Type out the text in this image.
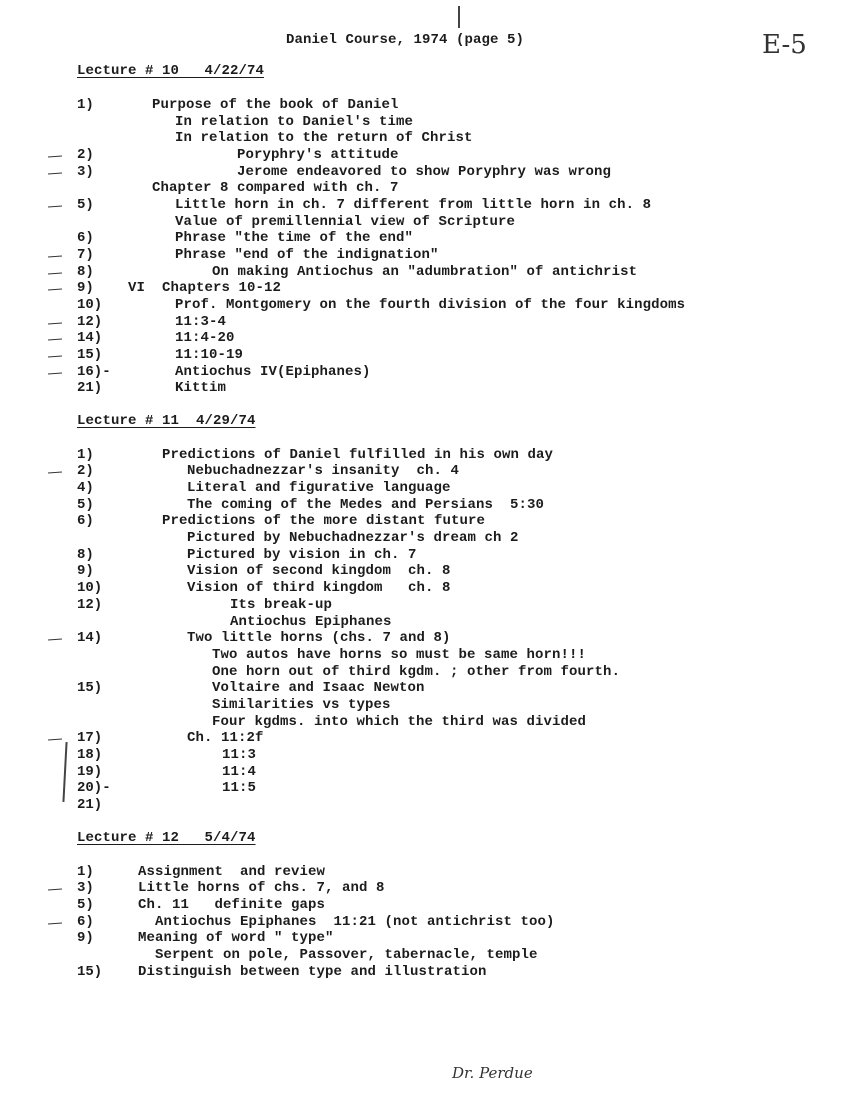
Daniel Course, 1974 (page 5)	E-5
Dr. Perdue
Lecture # 10   4/22/74
1)	Purpose of the book of Daniel
In relation to Daniel's time
In relation to the return of Christ
2)	Poryphry's attitude
3)	Jerome endeavored to show Poryphry was wrong
Chapter 8 compared with ch. 7
5)	Little horn in ch. 7 different from little horn in ch. 8
Value of premillennial view of Scripture
6)	Phrase "the time of the end"
7)	Phrase "end of the indignation"
8)	On making Antiochus an "adumbration" of antichrist
9) VI  Chapters 10-12
10)	Prof. Montgomery on the fourth division of the four kingdoms
12)	11:3-4
14)	11:4-20
15)	11:10-19
16)-	Antiochus IV(Epiphanes)
21)	Kittim
Lecture # 11  4/29/74
1)	Predictions of Daniel fulfilled in his own day
2)	Nebuchadnezzar's insanity  ch. 4
4)	Literal and figurative language
5)	The coming of the Medes and Persians  5:30
6)	Predictions of the more distant future
Pictured by Nebuchadnezzar's dream ch 2
8)	Pictured by vision in ch. 7
9)	Vision of second kingdom  ch. 8
10)	Vision of third kingdom   ch. 8
12)	Its break-up
Antiochus Epiphanes
14)	Two little horns (chs. 7 and 8)
Two autos have horns so must be same horn!!!
One horn out of third kgdm. ; other from fourth.
15)	Voltaire and Isaac Newton
Similarities vs types
Four kgdms. into which the third was divided
17)	Ch. 11:2f
18)	11:3
19)	11:4
20)-	11:5
21)
Lecture # 12   5/4/74
1)	Assignment  and review
3)	Little horns of chs. 7, and 8
5)	Ch. 11   definite gaps
6)	Antiochus Epiphanes  11:21 (not antichrist too)
9)	Meaning of word " type"
Serpent on pole, Passover, tabernacle, temple
15)	Distinguish between type and illustration
